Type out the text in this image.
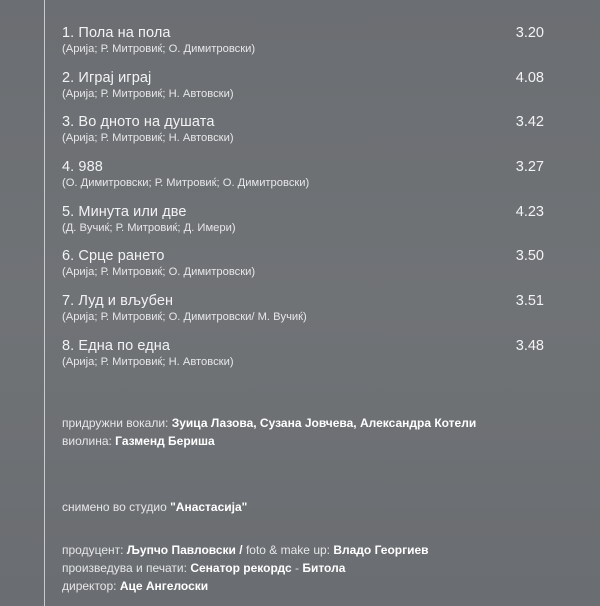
1. Пола на пола	3.20
(Арија; Р. Митровиќ; О. Димитровски)
2. Играј играј	4.08
(Арија; Р. Митровиќ; Н. Автовски)
3. Во дното на душата	3.42
(Арија; Р. Митровиќ; Н. Автовски)
4. 988	3.27
(О. Димитровски; Р. Митровиќ; О. Димитровски)
5. Минута или две	4.23
(Д. Вучиќ; Р. Митровиќ; Д. Имери)
6. Срце рането	3.50
(Арија; Р. Митровиќ; О. Димитровски)
7. Луд и вљубен	3.51
(Арија; Р. Митровиќ; О. Димитровски/ М. Вучиќ)
8. Една по една	3.48
(Арија; Р. Митровиќ; Н. Автовски)
придружни вокали: Зуица Лазова, Сузана Јовчева, Александра Котели
виолина: Газменд Бериша
снимено во студио "Анастасија"
продуцент: Љупчо Павловски / foto & make up: Владо Георгиев
произведува и печати: Сенатор рекордс - Битола
директор: Аце Ангелоски
